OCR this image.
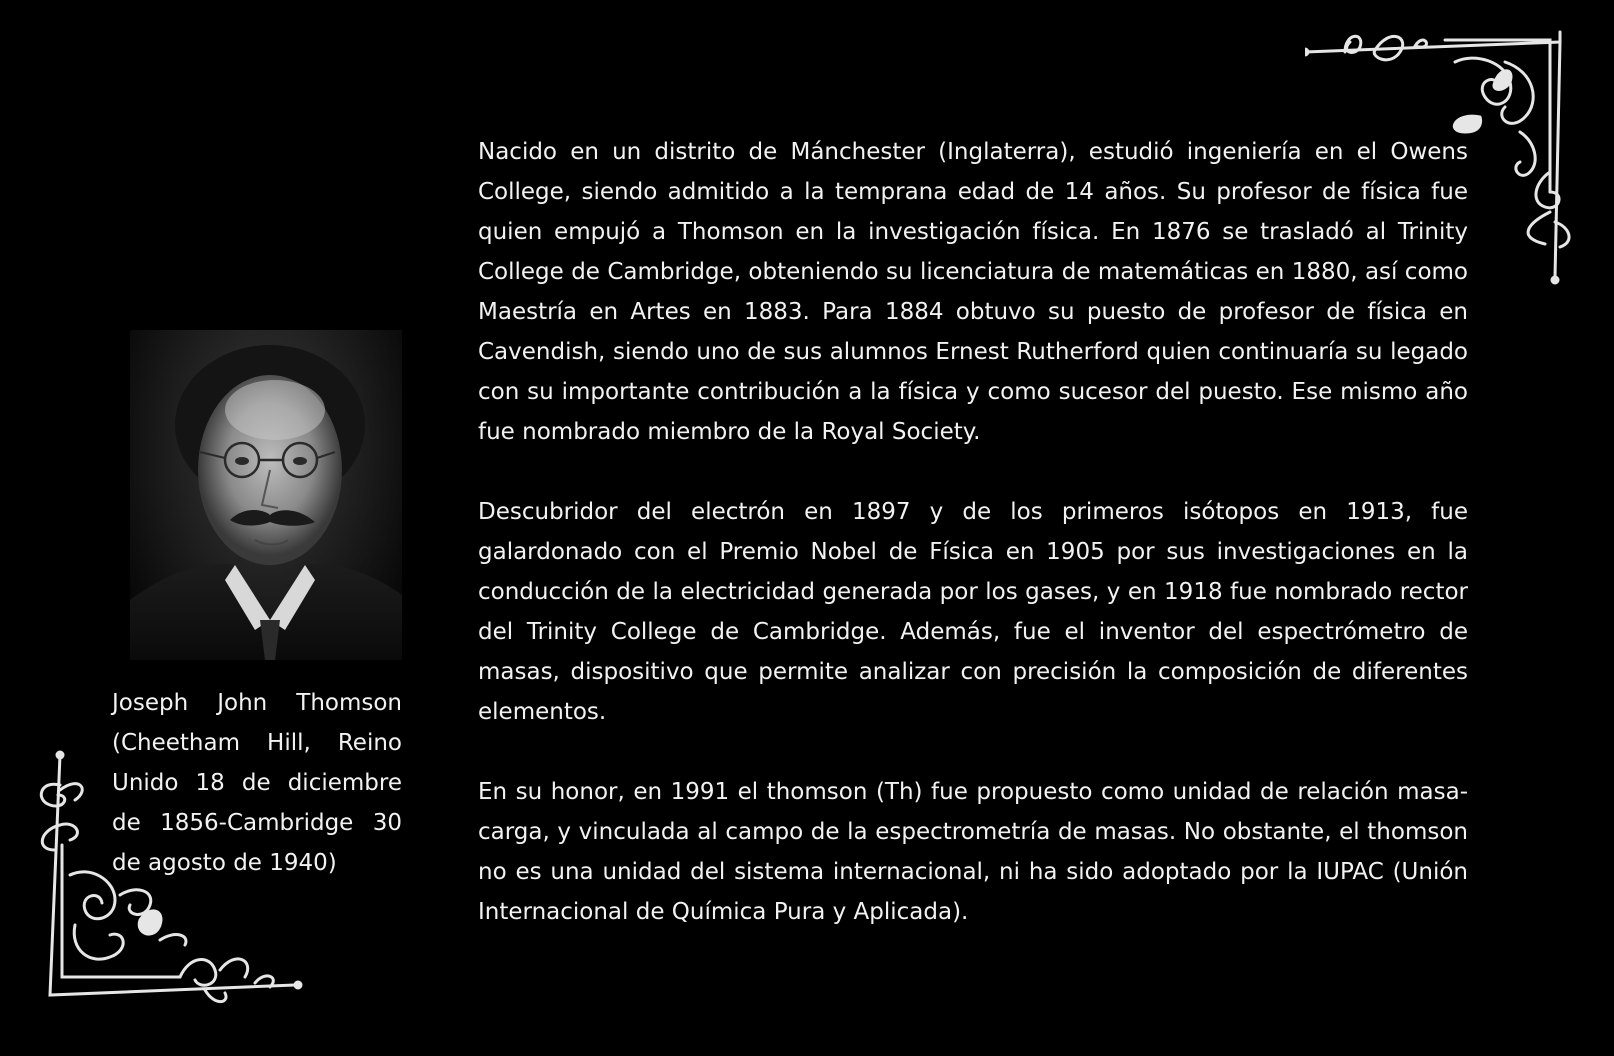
Joseph John Thomson (Cheetham Hill, Reino Unido 18 de diciembre de 1856-Cambridge 30 de agosto de 1940)

Nacido en un distrito de Mánchester (Inglaterra), estudió ingeniería en el Owens College, siendo admitido a la temprana edad de 14 años. Su profesor de física fue quien empujó a Thomson en la investigación física. En 1876 se trasladó al Trinity College de Cambridge, obteniendo su licenciatura de matemáticas en 1880, así como Maestría en Artes en 1883. Para 1884 obtuvo su puesto de profesor de física en Cavendish, siendo uno de sus alumnos Ernest Rutherford quien continuaría su legado con su importante contribución a la física y como sucesor del puesto. Ese mismo año fue nombrado miembro de la Royal Society.

Descubridor del electrón en 1897 y de los primeros isótopos en 1913, fue galardonado con el Premio Nobel de Física en 1905 por sus investigaciones en la conducción de la electricidad generada por los gases, y en 1918 fue nombrado rector del Trinity College de Cambridge. Además, fue el inventor del espectrómetro de masas, dispositivo que permite analizar con precisión la composición de diferentes elementos.

En su honor, en 1991 el thomson (Th) fue propuesto como unidad de relación masa-carga, y vinculada al campo de la espectrometría de masas. No obstante, el thomson no es una unidad del sistema internacional, ni ha sido adoptado por la IUPAC (Unión Internacional de Química Pura y Aplicada).
